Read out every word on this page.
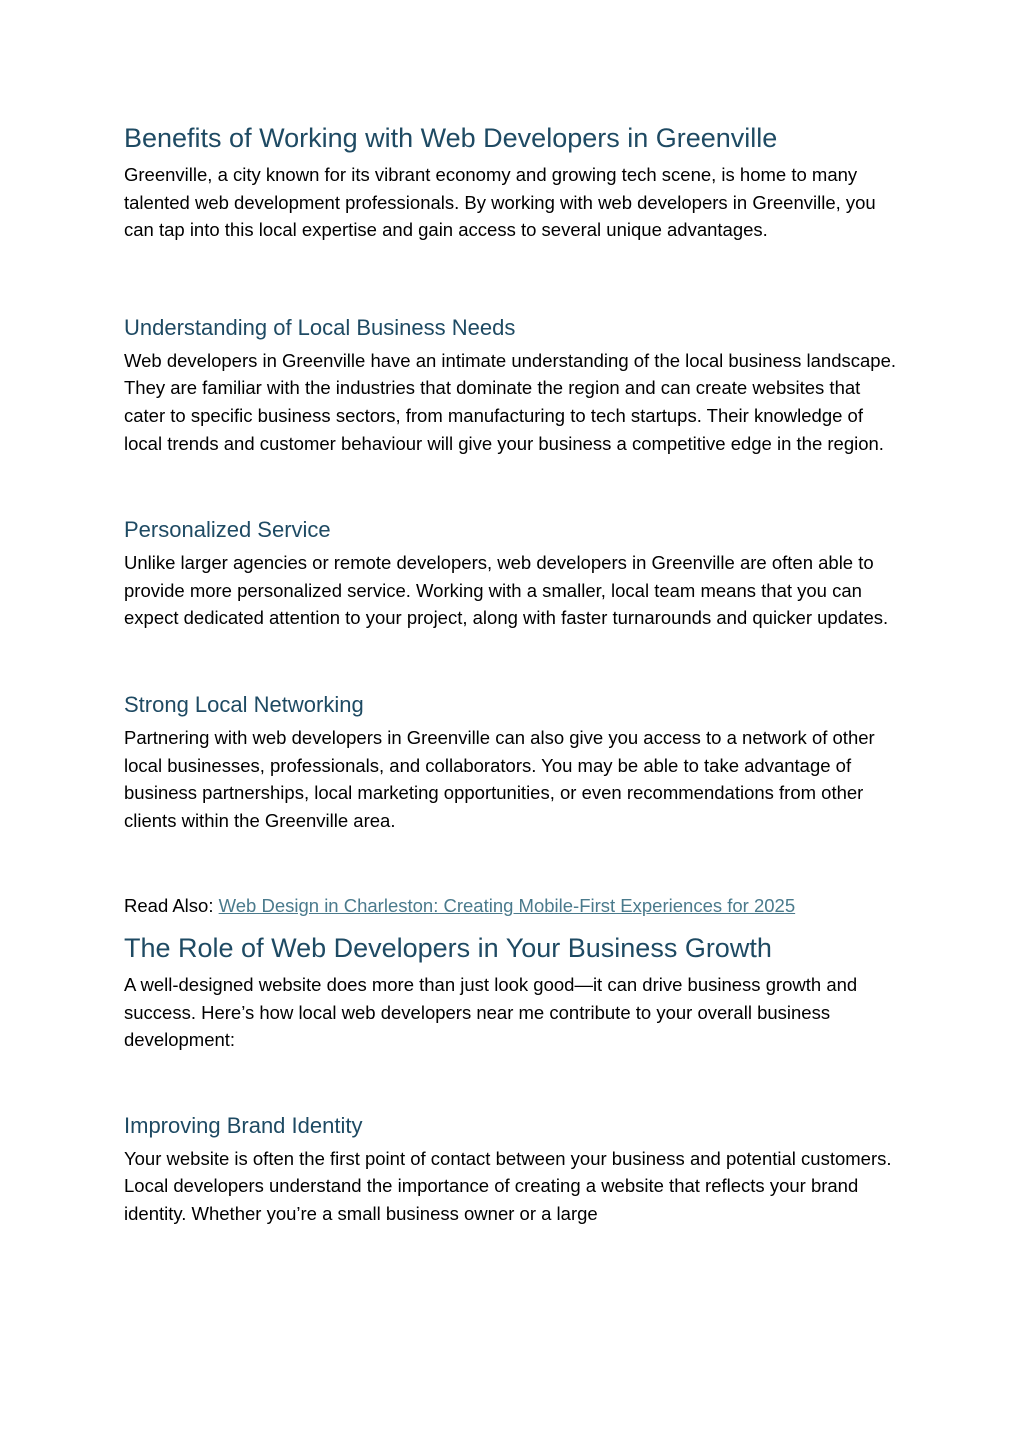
Benefits of Working with Web Developers in Greenville

Greenville, a city known for its vibrant economy and growing tech scene, is home to many talented web development professionals. By working with web developers in Greenville, you can tap into this local expertise and gain access to several unique advantages.

Understanding of Local Business Needs

Web developers in Greenville have an intimate understanding of the local business landscape. They are familiar with the industries that dominate the region and can create websites that cater to specific business sectors, from manufacturing to tech startups. Their knowledge of local trends and customer behaviour will give your business a competitive edge in the region.

Personalized Service

Unlike larger agencies or remote developers, web developers in Greenville are often able to provide more personalized service. Working with a smaller, local team means that you can expect dedicated attention to your project, along with faster turnarounds and quicker updates.

Strong Local Networking

Partnering with web developers in Greenville can also give you access to a network of other local businesses, professionals, and collaborators. You may be able to take advantage of business partnerships, local marketing opportunities, or even recommendations from other clients within the Greenville area.

Read Also: Web Design in Charleston: Creating Mobile-First Experiences for 2025

The Role of Web Developers in Your Business Growth

A well-designed website does more than just look good—it can drive business growth and success. Here’s how local web developers near me contribute to your overall business development:

Improving Brand Identity

Your website is often the first point of contact between your business and potential customers. Local developers understand the importance of creating a website that reflects your brand identity. Whether you’re a small business owner or a large
